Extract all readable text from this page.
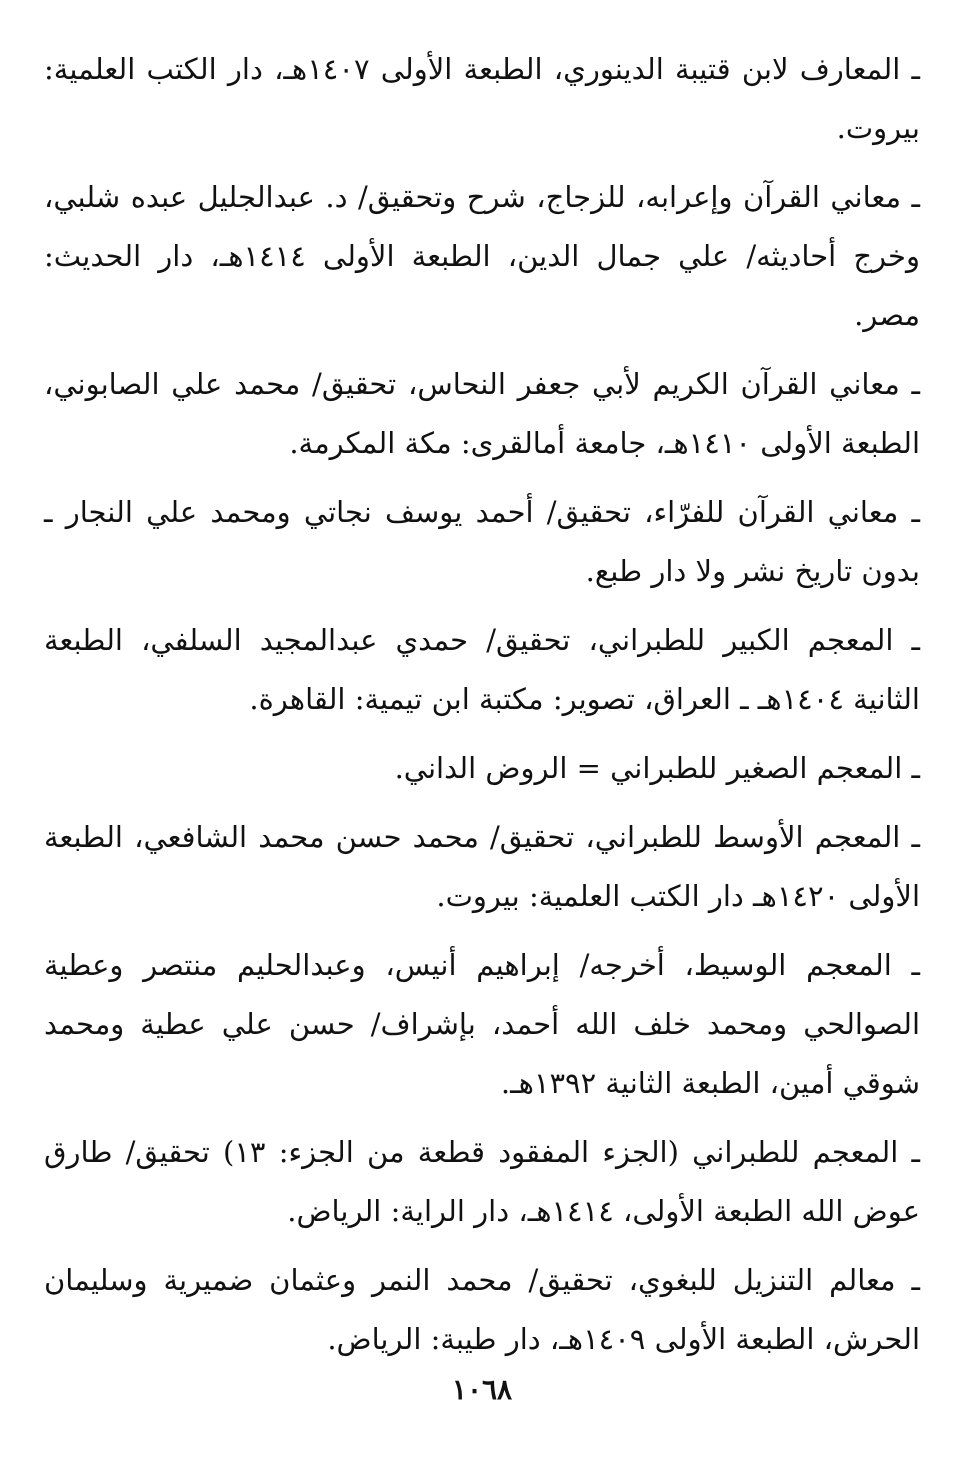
ـ المعارف لابن قتيبة الدينوري، الطبعة الأولى ١٤٠٧هـ، دار الكتب العلمية: بيروت.

ـ معاني القرآن وإعرابه، للزجاج، شرح وتحقيق/ د. عبدالجليل عبده شلبي، وخرج أحاديثه/ علي جمال الدين، الطبعة الأولى ١٤١٤هـ، دار الحديث: مصر.

ـ معاني القرآن الكريم لأبي جعفر النحاس، تحقيق/ محمد علي الصابوني، الطبعة الأولى ١٤١٠هـ، جامعة أمالقرى: مكة المكرمة.

ـ معاني القرآن للفرّاء، تحقيق/ أحمد يوسف نجاتي ومحمد علي النجار ـ بدون تاريخ نشر ولا دار طبع.

ـ المعجم الكبير للطبراني، تحقيق/ حمدي عبدالمجيد السلفي، الطبعة الثانية ١٤٠٤هـ ـ العراق، تصوير: مكتبة ابن تيمية: القاهرة.

ـ المعجم الصغير للطبراني = الروض الداني.

ـ المعجم الأوسط للطبراني، تحقيق/ محمد حسن محمد الشافعي، الطبعة الأولى ١٤٢٠هـ دار الكتب العلمية: بيروت.

ـ المعجم الوسيط، أخرجه/ إبراهيم أنيس، وعبدالحليم منتصر وعطية الصوالحي ومحمد خلف الله أحمد، بإشراف/ حسن علي عطية ومحمد شوقي أمين، الطبعة الثانية ١٣٩٢هـ.

ـ المعجم للطبراني (الجزء المفقود قطعة من الجزء: ١٣) تحقيق/ طارق عوض الله الطبعة الأولى، ١٤١٤هـ، دار الراية: الرياض.

ـ معالم التنزيل للبغوي، تحقيق/ محمد النمر وعثمان ضميرية وسليمان الحرش، الطبعة الأولى ١٤٠٩هـ، دار طيبة: الرياض.

١٠٦٨
